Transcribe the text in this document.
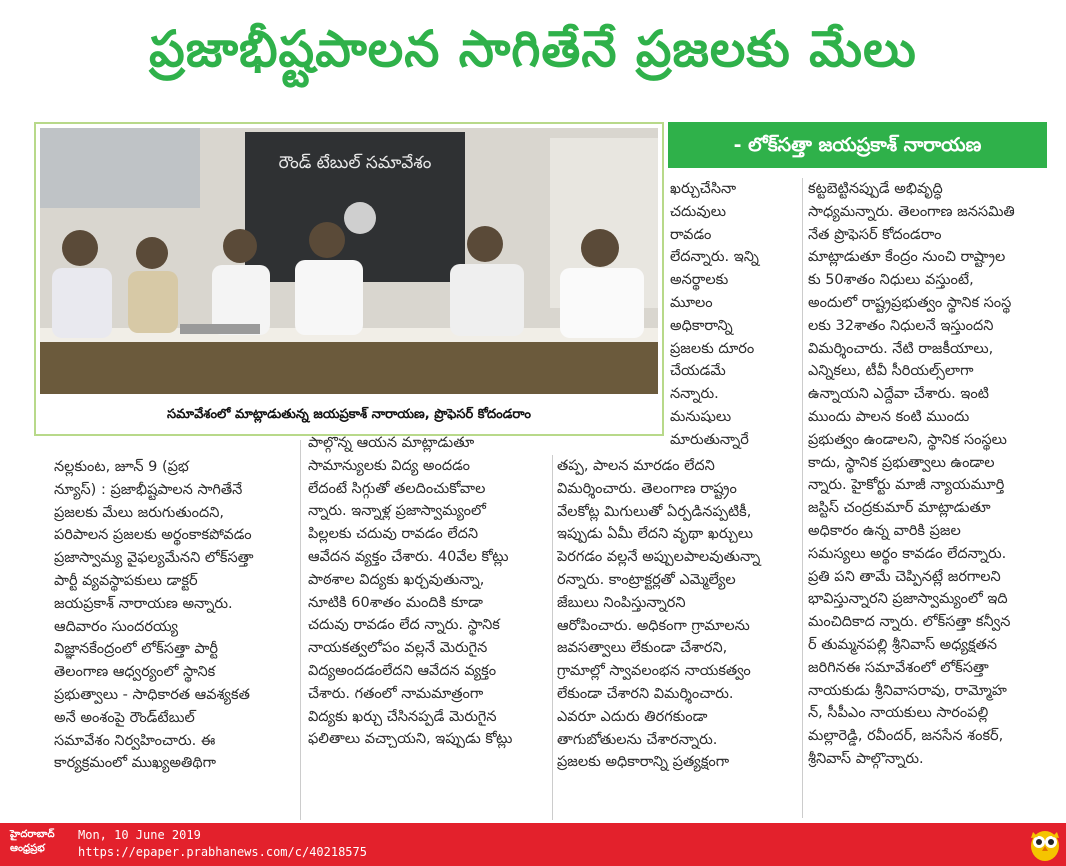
ప్రజాభీష్టపాలన సాగితేనే ప్రజలకు మేలు
రౌండ్ టేబుల్ సమావేశం
సమావేశంలో మాట్లాడుతున్న జయప్రకాశ్ నారాయణ, ప్రొఫెసర్ కోదండరాం
- లోక్‌సత్తా జయప్రకాశ్ నారాయణ
నల్లకుంట, జూన్ 9 (ప్రభ
న్యూస్) : ప్రజాభీష్టపాలన సాగితేనే
ప్రజలకు మేలు జరుగుతుందని,
పరిపాలన ప్రజలకు అర్థంకాకపోవడం
ప్రజాస్వామ్య వైఫల్యమేనని లోక్‌సత్తా
పార్టీ వ్యవస్థాపకులు డాక్టర్
జయప్రకాశ్ నారాయణ అన్నారు.
ఆదివారం సుందరయ్య
విజ్ఞానకేంద్రంలో లోక్‌సత్తా పార్టీ
తెలంగాణ ఆధ్వర్యంలో స్థానిక
ప్రభుత్వాలు - సాధికారత ఆవశ్యకత
అనే అంశంపై రౌండ్‌టేబుల్
సమావేశం నిర్వహించారు. ఈ
కార్యక్రమంలో ముఖ్యఅతిథిగా
పాల్గొన్న ఆయన మాట్లాడుతూ
సామాన్యులకు విద్య అందడం
లేదంటే సిగ్గుతో తలదించుకోవాల
న్నారు. ఇన్నాళ్ల ప్రజాస్వామ్యంలో
పిల్లలకు చదువు రావడం లేదని
ఆవేదన వ్యక్తం చేశారు. 40వేల కోట్లు
పాఠశాల విద్యకు ఖర్చవుతున్నా,
నూటికి 60శాతం మందికి కూడా
చదువు రావడం లేద న్నారు. స్థానిక
నాయకత్వలోపం వల్లనే మెరుగైన
విద్యఅందడంలేదని ఆవేదన వ్యక్తం
చేశారు. గతంలో నామమాత్రంగా
విద్యకు ఖర్చు చేసినప్పడే మెరుగైన
ఫలితాలు వచ్చాయని, ఇప్పుడు కోట్లు
తప్ప, పాలన మారడం లేదని
విమర్శించారు. తెలంగాణ రాష్ట్రం
వేలకోట్ల మిగులుతో ఏర్పడినప్పటికీ,
ఇప్పుడు ఏమీ లేదని వృథా ఖర్చులు
పెరగడం వల్లనే అప్పులపాలవుతున్నా
రన్నారు. కాంట్రాక్టర్లతో ఎమ్మెల్యేల
జేబులు నింపిస్తున్నారని
ఆరోపించారు. అధికంగా గ్రామాలను
జవసత్వాలు లేకుండా చేశారని,
గ్రామాల్లో స్వావలంభన నాయకత్వం
లేకుండా చేశారని విమర్శించారు.
ఎవరూ ఎదురు తిరగకుండా
తాగుబోతులను చేశారన్నారు.
ప్రజలకు అధికారాన్ని ప్రత్యక్షంగా
ఖర్చుచేసినా
చదువులు
రావడం
లేదన్నారు. ఇన్ని
అనర్థాలకు
మూలం
అధికారాన్ని
ప్రజలకు దూరం
చేయడమే
నన్నారు.
మనుషులు
మారుతున్నారే
కట్టబెట్టినప్పుడే అభివృద్ధి
సాధ్యమన్నారు. తెలంగాణ జనసమితి
నేత ప్రొఫెసర్ కోదండరాం
మాట్లాడుతూ కేంద్రం నుంచి రాష్ట్రాల
కు 50శాతం నిధులు వస్తుంటే,
అందులో రాష్ట్రప్రభుత్వం స్థానిక సంస్థ
లకు 32శాతం నిధులనే ఇస్తుందని
విమర్శించారు. నేటి రాజకీయాలు,
ఎన్నికలు, టీవీ సీరియల్స్‌లాగా
ఉన్నాయని ఎద్దేవా చేశారు. ఇంటి
ముందు పాలన కంటి ముందు
ప్రభుత్వం ఉండాలని, స్థానిక సంస్థలు
కాదు, స్థానిక ప్రభుత్వాలు ఉండాల
న్నారు. హైకోర్టు మాజీ న్యాయమూర్తి
జస్టిస్ చంద్రకుమార్ మాట్లాడుతూ
అధికారం ఉన్న వారికి ప్రజల
సమస్యలు అర్థం కావడం లేదన్నారు.
ప్రతి పని తామే చెప్పినట్లే జరగాలని
భావిస్తున్నారని ప్రజాస్వామ్యంలో ఇది
మంచిదికాద న్నారు. లోక్‌సత్తా కన్వీన
ర్ తుమ్మనపల్లి శ్రీనివాస్ అధ్యక్షతన
జరిగినఈ సమావేశంలో లోక్‌సత్తా
నాయకుడు శ్రీనివాసరావు, రామ్మోహ
న్, సీపీఎం నాయకులు సారంపల్లి
మల్లారెడ్డి, రవీందర్, జనసేన శంకర్,
శ్రీనివాస్ పాల్గొన్నారు.
హైదరాబాద్
ఆంధ్రప్రభ
Mon, 10 June 2019
https://epaper.prabhanews.com/c/40218575
